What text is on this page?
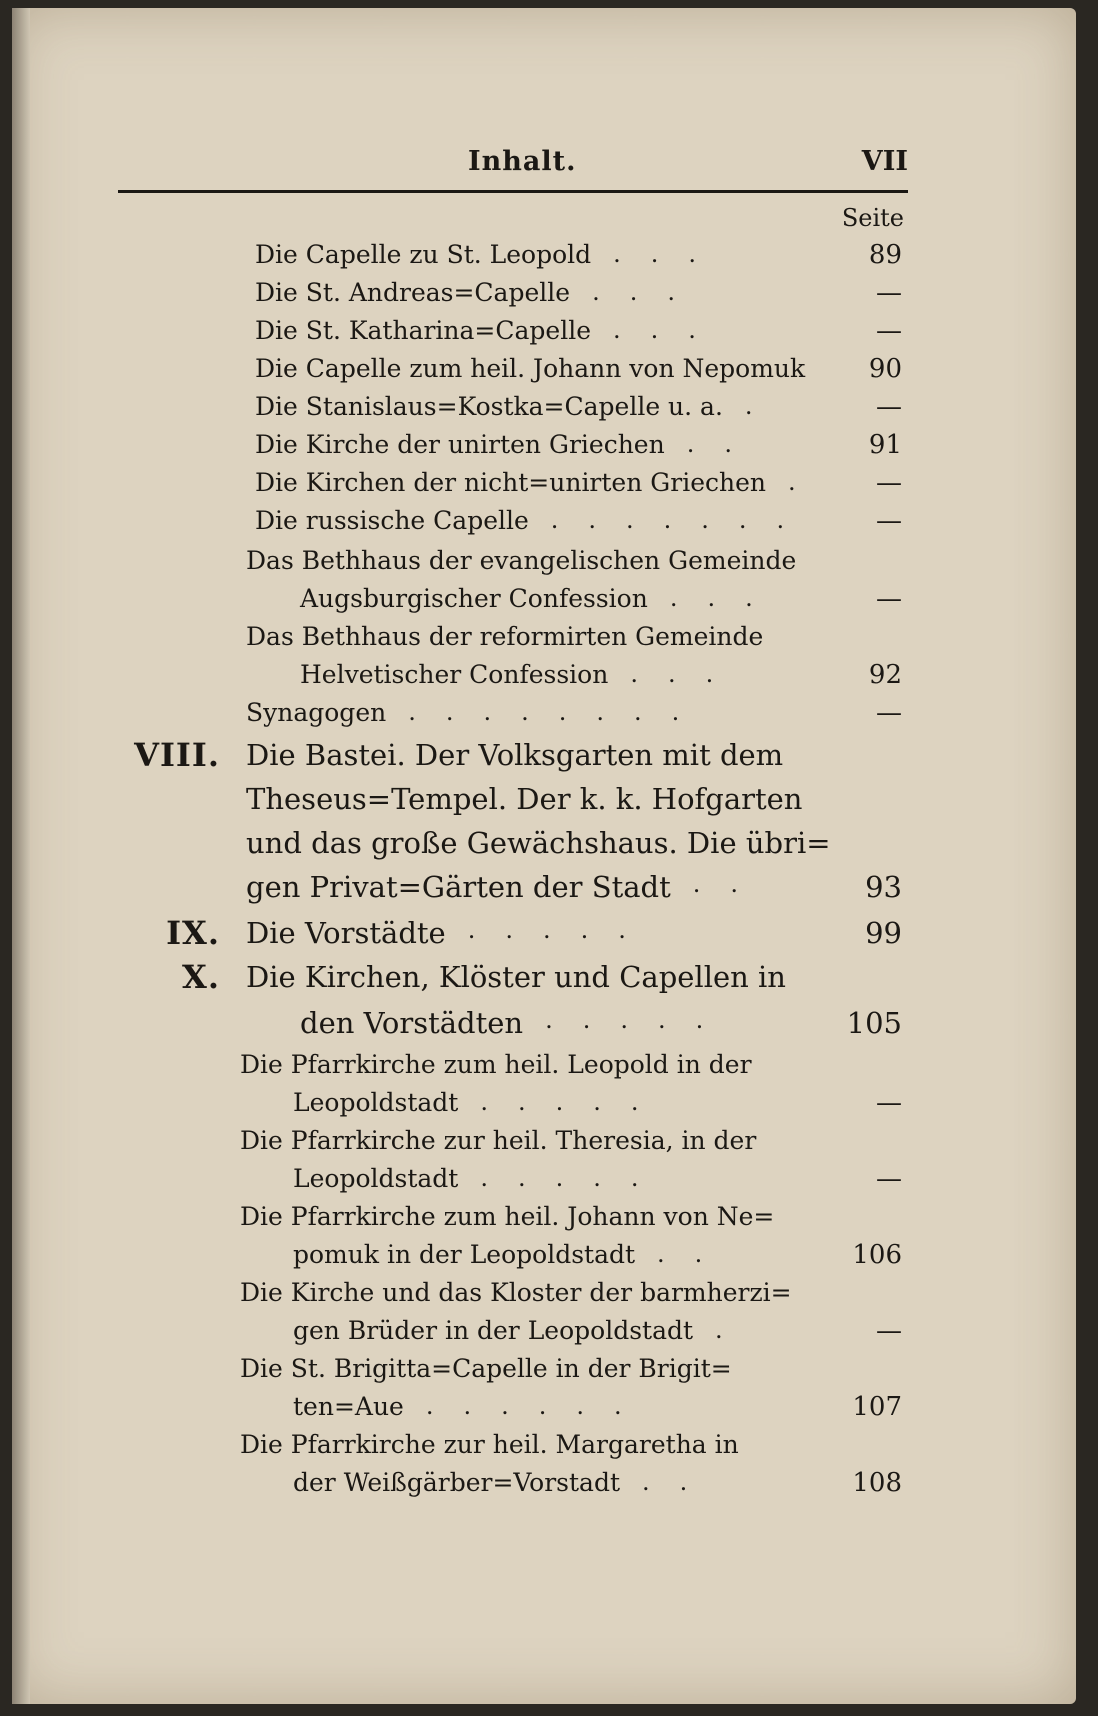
Inhalt.	VII
Seite
Die Capelle zu St. Leopold ...	89
Die St. Andreas=Capelle ...	—
Die St. Katharina=Capelle ...	—
Die Capelle zum heil. Johann von Nepomuk	90
Die Stanislaus=Kostka=Capelle u. a. .	—
Die Kirche der unirten Griechen ..	91
Die Kirchen der nicht=unirten Griechen .	—
Die russische Capelle .......	—
Das Bethhaus der evangelischen Gemeinde
Augsburgischer Confession ...	—
Das Bethhaus der reformirten Gemeinde
Helvetischer Confession ...	92
Synagogen ........	—
VIII. Die Bastei. Der Volksgarten mit dem
Theseus=Tempel. Der k. k. Hofgarten
und das große Gewächshaus. Die übri=
gen Privat=Gärten der Stadt ..	93
IX. Die Vorstädte .....	99
X. Die Kirchen, Klöster und Capellen in
den Vorstädten .....	105
Die Pfarrkirche zum heil. Leopold in der
Leopoldstadt .....	—
Die Pfarrkirche zur heil. Theresia, in der
Leopoldstadt .....	—
Die Pfarrkirche zum heil. Johann von Ne=
pomuk in der Leopoldstadt ..	106
Die Kirche und das Kloster der barmherzi=
gen Brüder in der Leopoldstadt .	—
Die St. Brigitta=Capelle in der Brigit=
ten=Aue ......	107
Die Pfarrkirche zur heil. Margaretha in
der Weißgärber=Vorstadt ..	108
